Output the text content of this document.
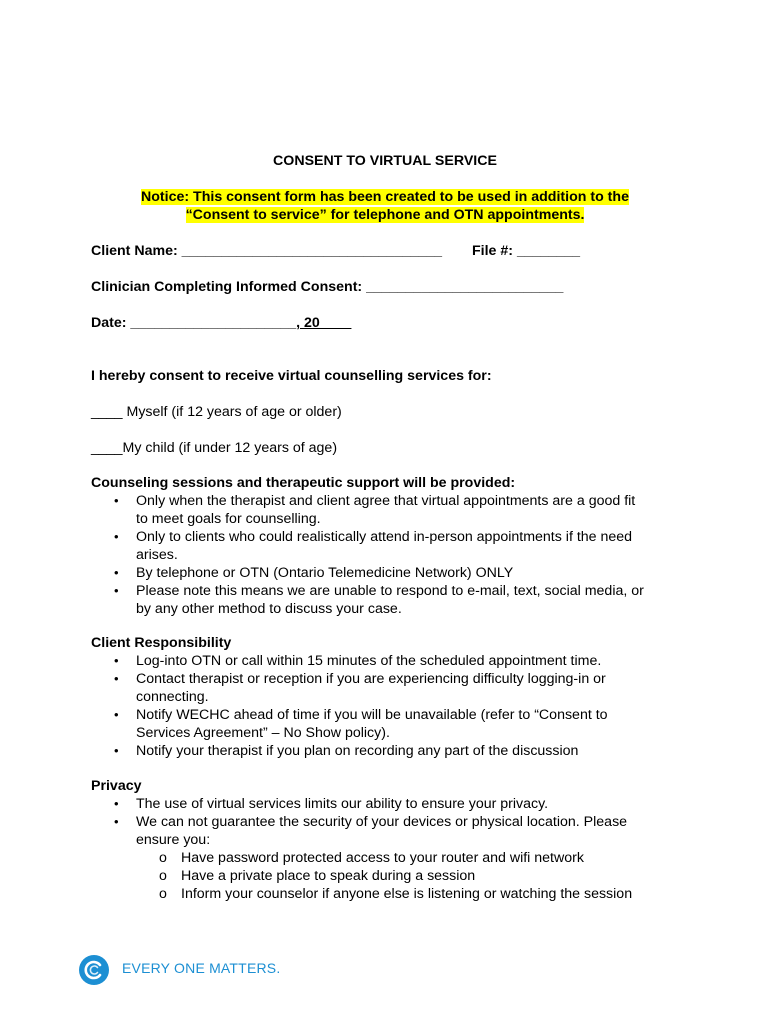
CONSENT TO VIRTUAL SERVICE
Notice: This consent form has been created to be used in addition to the
“Consent to service” for telephone and OTN appointments.
Client Name: _________________________________ File #: ________
Clinician Completing Informed Consent: _________________________
Date: _____________________, 20____
I hereby consent to receive virtual counselling services for:
____ Myself (if 12 years of age or older)
____My child (if under 12 years of age)
Counseling sessions and therapeutic support will be provided:
• Only when the therapist and client agree that virtual appointments are a good fit
to meet goals for counselling.
• Only to clients who could realistically attend in-person appointments if the need
arises.
• By telephone or OTN (Ontario Telemedicine Network) ONLY
• Please note this means we are unable to respond to e-mail, text, social media, or
by any other method to discuss your case.
Client Responsibility
• Log-into OTN or call within 15 minutes of the scheduled appointment time.
• Contact therapist or reception if you are experiencing difficulty logging-in or
connecting.
• Notify WECHC ahead of time if you will be unavailable (refer to “Consent to
Services Agreement” – No Show policy).
• Notify your therapist if you plan on recording any part of the discussion
Privacy
• The use of virtual services limits our ability to ensure your privacy.
• We can not guarantee the security of your devices or physical location. Please
ensure you:
o Have password protected access to your router and wifi network
o Have a private place to speak during a session
o Inform your counselor if anyone else is listening or watching the session
EVERY ONE MATTERS.
